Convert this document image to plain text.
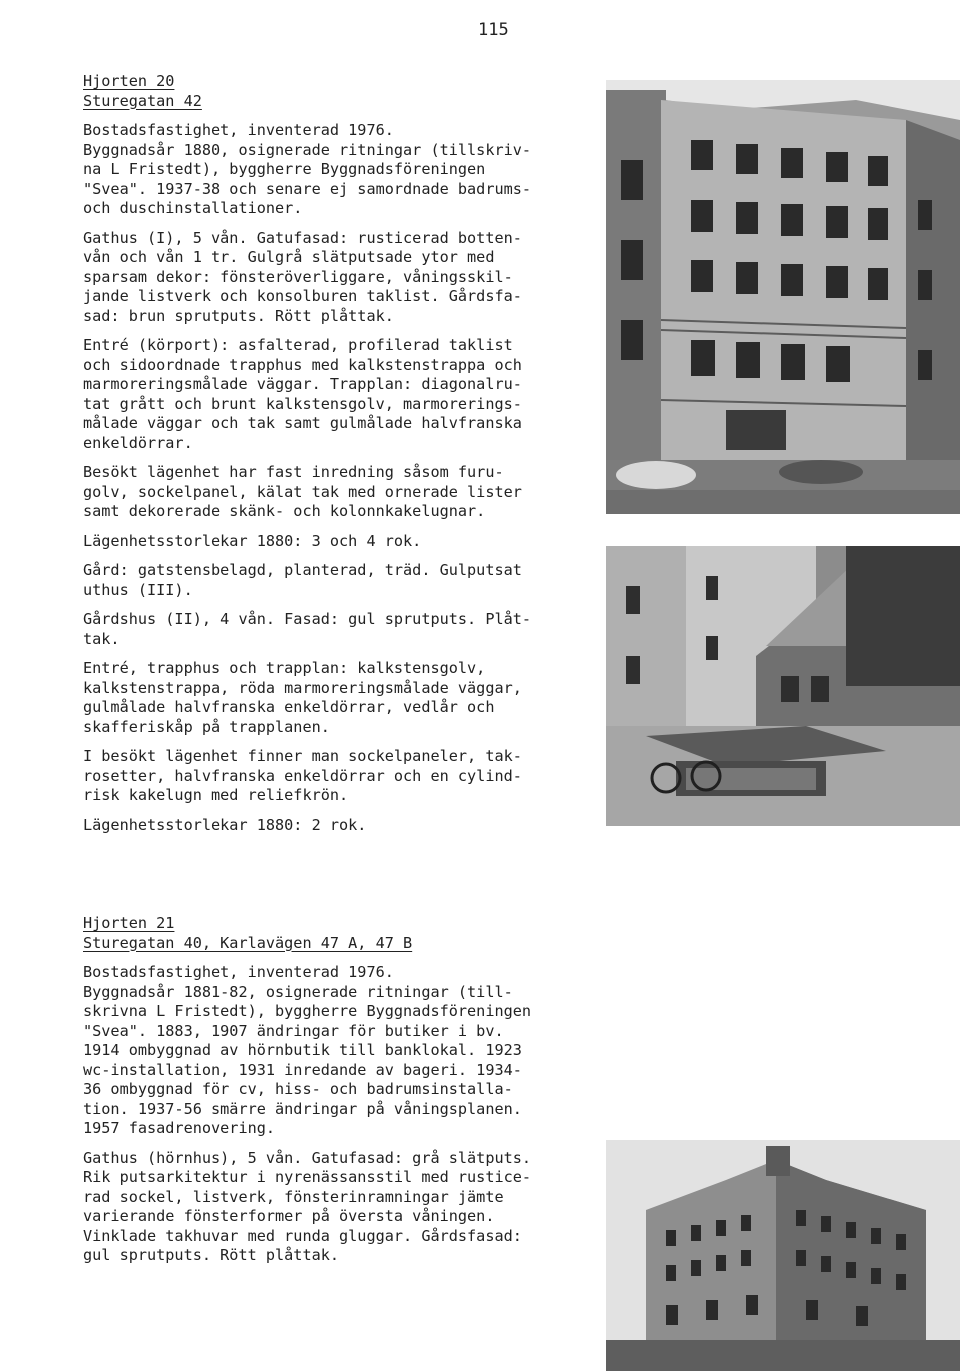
115
Hjorten 20
Sturegatan 42

Bostadsfastighet, inventerad 1976.
Byggnadsår 1880, osignerade ritningar (tillskriv-
na L Fristedt), byggherre Byggnadsföreningen
"Svea". 1937-38 och senare ej samordnade badrums-
och duschinstallationer.

Gathus (I), 5 vån. Gatufasad: rusticerad botten-
vån och vån 1 tr. Gulgrå slätputsade ytor med
sparsam dekor: fönsteröverliggare, våningsskil-
jande listverk och konsolburen taklist. Gårdsfa-
sad: brun sprutputs. Rött plåttak.

Entré (körport): asfalterad, profilerad taklist
och sidoordnade trapphus med kalkstenstrappa och
marmoreringsmålade väggar. Trapplan: diagonalru-
tat grått och brunt kalkstensgolv, marmorerings-
målade väggar och tak samt gulmålade halvfranska
enkeldörrar.

Besökt lägenhet har fast inredning såsom furu-
golv, sockelpanel, kälat tak med ornerade lister
samt dekorerade skänk- och kolonnkakelugnar.

Lägenhetsstorlekar 1880: 3 och 4 rok.

Gård: gatstensbelagd, planterad, träd. Gulputsat
uthus (III).

Gårdshus (II), 4 vån. Fasad: gul sprutputs. Plåt-
tak.

Entré, trapphus och trapplan: kalkstensgolv,
kalkstenstrappa, röda marmoreringsmålade väggar,
gulmålade halvfranska enkeldörrar, vedlår och
skafferiskåp på trapplanen.

I besökt lägenhet finner man sockelpaneler, tak-
rosetter, halvfranska enkeldörrar och en cylind-
risk kakelugn med reliefkrön.

Lägenhetsstorlekar 1880: 2 rok.

Hjorten 21
Sturegatan 40, Karlavägen 47 A, 47 B

Bostadsfastighet, inventerad 1976.
Byggnadsår 1881-82, osignerade ritningar (till-
skrivna L Fristedt), byggherre Byggnadsföreningen
"Svea". 1883, 1907 ändringar för butiker i bv.
1914 ombyggnad av hörnbutik till banklokal. 1923
wc-installation, 1931 inredande av bageri. 1934-
36 ombyggnad för cv, hiss- och badrumsinstalla-
tion. 1937-56 smärre ändringar på våningsplanen.
1957 fasadrenovering.

Gathus (hörnhus), 5 vån. Gatufasad: grå slätputs.
Rik putsarkitektur i nyrenässansstil med rustice-
rad sockel, listverk, fönsterinramningar jämte
varierande fönsterformer på översta våningen.
Vinklade takhuvar med runda gluggar. Gårdsfasad:
gul sprutputs. Rött plåttak.
